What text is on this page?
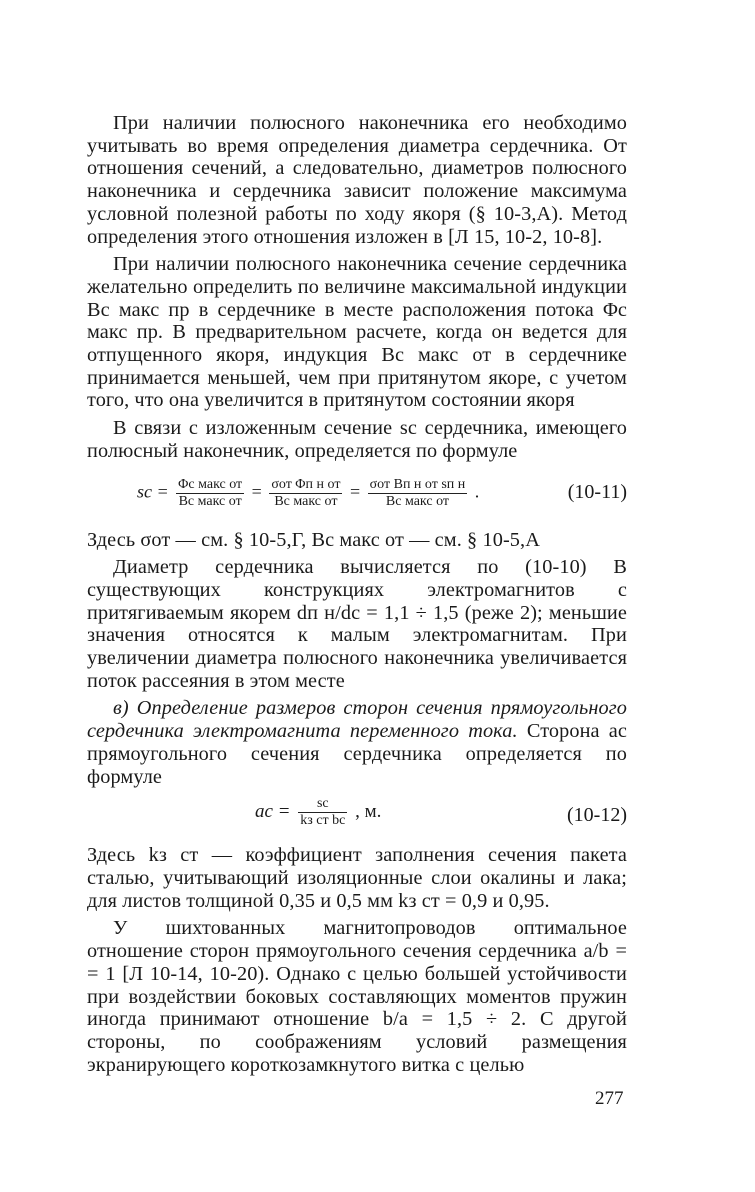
При наличии полюсного наконечника его необходимо учитывать во время определения диаметра сердечника. От отношения сечений, а следовательно, диаметров полюсного наконечника и сердечника зависит положение максимума условной полезной работы по ходу якоря (§ 10-3,А). Метод определения этого отношения изложен в [Л 15, 10-2, 10-8].

При наличии полюсного наконечника сечение сердечника желательно определить по величине максимальной индукции Bc макс пр в сердечнике в месте расположения потока Φc макс пр. В предварительном расчете, когда он ведется для отпущенного якоря, индукция Bc макс от в сердечнике принимается меньшей, чем при притянутом якоре, с учетом того, что она увеличится в притянутом состоянии якоря

В связи с изложенным сечение sc сердечника, имеющего полюсный наконечник, определяется по формуле

sc = $\frac{\text{Φc макс от}}{\text{Bc макс от}} = \frac{\text{σот Φп н от}}{\text{Bc макс от}} = \frac{\text{σот Bп н от sп н}}{\text{Bc макс от}}$ .	(10-11)

Здесь σот — см. § 10-5,Г, Bc макс от — см. § 10-5,А

Диаметр сердечника вычисляется по (10-10) В существующих конструкциях электромагнитов с притягиваемым якорем dп н/dc = 1,1 ÷ 1,5 (реже 2); меньшие значения относятся к малым электромагнитам. При увеличении диаметра полюсного наконечника увеличивается поток рассеяния в этом месте

в) Определение размеров сторон сечения прямоугольного сердечника электромагнита переменного тока. Сторона ac прямоугольного сечения сердечника определяется по формуле

ac = $\frac{sc}{\text{kз ст bc}}$ , м.	(10-12)

Здесь kз ст — коэффициент заполнения сечения пакета сталью, учитывающий изоляционные слои окалины и лака; для листов толщиной 0,35 и 0,5 мм kз ст = 0,9 и 0,95.

У шихтованных магнитопроводов оптимальное отношение сторон прямоугольного сечения сердечника a/b = = 1 [Л 10-14, 10-20). Однако с целью большей устойчивости при воздействии боковых составляющих моментов пружин иногда принимают отношение b/a = 1,5 ÷ 2. С другой стороны, по соображениям условий размещения экранирующего короткозамкнутого витка с целью

277
